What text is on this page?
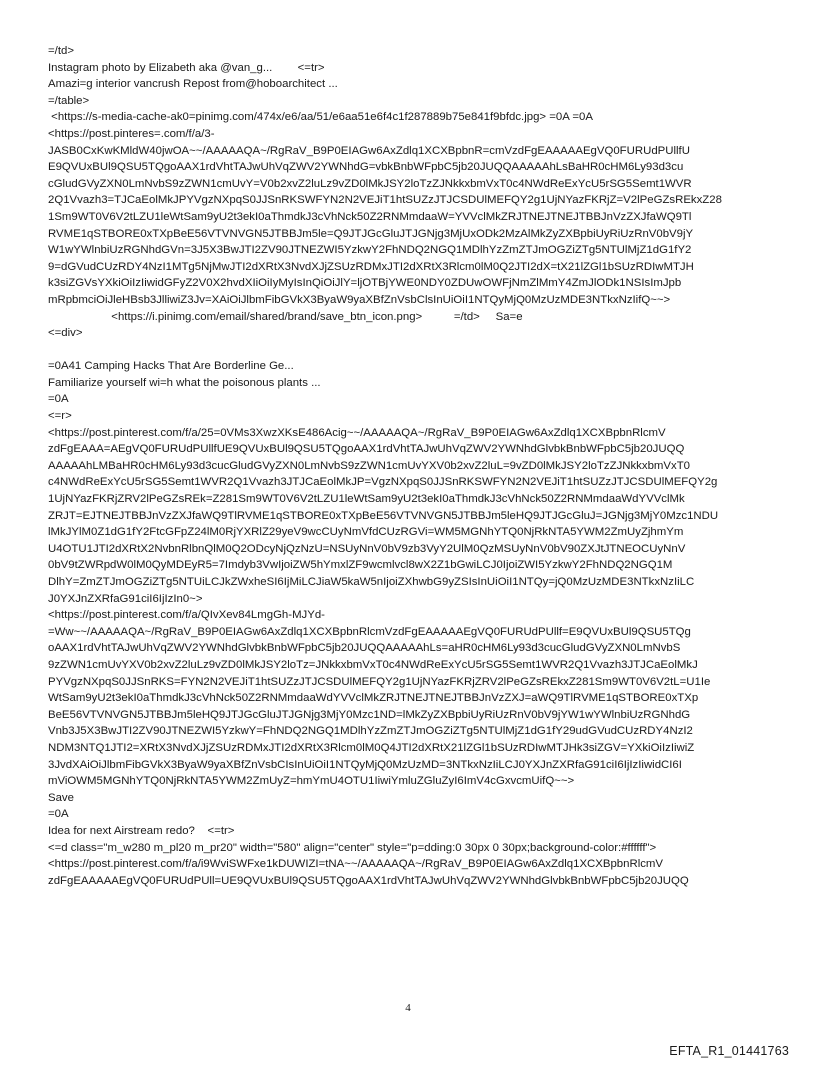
=/td>
Instagram photo by Elizabeth aka @van_g...        <=tr>
Amazi=g interior vancrush Repost from@hoboarchitect ...
=/table>
<https://s-media-cache-ak0=pinimg.com/474x/e6/aa/51/e6aa51e6f4c1f287889b75e841f9bfdc.jpg> =0A =0A
<https://post.pinteres=.com/f/a/3-
JASB0CxKwKMldW40jwOA~~/AAAAAQA~/RgRaV_B9P0EIAGw6AxZdlq1XCXBpbnR=cmVzdFgEAAAAAEgVQ0FURUdPUllfU
E9QVUxBUl9QSU5TQgoAAX1rdVhtTAJwUhVqZWV2YWNhdG=vbkBnbWFpbC5jb20JUQQAAAAAhLsBaHR0cHM6Ly93d3cu
cGludGVyZXN0LmNvbS9zZWN1cmUvY=V0b2xvZ2luLz9vZD0lMkJSY2loTzZJNkkxbmVxT0c4NWdReExYcU5rSG5Semt1WVR
2Q1Vvazh3=TJCaEolMkJPYVgzNXpqS0JJSnRKSWFYN2N2VEJiT1htSUZzJTJCSDUlMEFQY2g1UjNYazFKRjZ=V2lPeGZsREkxZ28
1Sm9WT0V6V2tLZU1leWtSam9yU2t3ekI0aThmdkJ3cVhNck50Z2RNMmdaaW=YVVclMkZRJTNEJTNEJTBBJnVzZXJfaWQ9Tl
RVME1qSTBORE0xTXpBeE56VTVNVGN5JTBBJm5le=Q9JTJGcGluJTJGNjg3MjUxODk2MzAlMkZyZXBpbiUyRiUzRnV0bV9jY
W1wYWlnbiUzRGNhdGVn=3J5X3BwJTI2ZV90JTNEZWI5YzkwY2FhNDQ2NGQ1MDlhYzZmZTJmOGZiZTg5NTUlMjZ1dG1fY2
9=dGVudCUzRDY4NzI1MTg5NjMwJTI2dXRtX3NvdXJjZSUzRDMxJTI2dXRtX3Rlcm0lM0Q2JTI2dX=tX21lZGl1bSUzRDIwMTJH
k3siZGVsYXkiOiIzIiwidGFyZ2V0X2hvdXIiOiIyMyIsInQiOiJlY=ljOTBjYWE0NDY0ZDUwOWFjNmZlMmY4ZmJlODk1NSIsImJpb
mRpbmciOiJleHBsb3JlliwiZ3Jv=XAiOiJlbmFibGVkX3ByaW9yaXBfZnVsbClsInUiOiI1NTQyMjQ0MzUzMDE3NTkxNzIifQ~~>
<https://i.pinimg.com/email/shared/brand/save_btn_icon.png>          =/td>     Sa=e
<=div>

=0A41 Camping Hacks That Are Borderline Ge...
Familiarize yourself wi=h what the poisonous plants ...
=0A
<=r>
<https://post.pinterest.com/f/a/25=0VMs3XwzXKsE486Acig~~/AAAAAQA~/RgRaV_B9P0EIAGw6AxZdlq1XCXBpbnRlcmV
zdFgEAAA=AEgVQ0FURUdPUllfUE9QVUxBUl9QSU5TQgoAAX1rdVhtTAJwUhVqZWV2YWNhdGlvbkBnbWFpbC5jb20JUQQ
AAAAAhLMBaHR0cHM6Ly93d3cucGludGVyZXN0LmNvbS9zZWN1cmUvYXV0b2xvZ2luL=9vZD0lMkJSY2loTzZJNkkxbmVxT0
c4NWdReExYcU5rSG5Semt1WVR2Q1Vvazh3JTJCaEolMkJP=VgzNXpqS0JJSnRKSWFYN2N2VEJiT1htSUZzJTJCSDUlMEFQY2g
1UjNYazFKRjZRV2lPeGZsREk=Z281Sm9WT0V6V2tLZU1leWtSam9yU2t3ekI0aThmdkJ3cVhNck50Z2RNMmdaaWdYVVclMk
ZRJT=EJTNEJTBBJnVzZXJfaWQ9TlRVME1qSTBORE0xTXpBeE56VTVNVGN5JTBBJm5leHQ9JTJGcGluJ=JGNjg3MjY0Mzc1NDU
lMkJYlM0Z1dG1fY2FtcGFpZ24lM0RjYXRlZ29yeV9wcCUyNmVfdCUzRGVi=WM5MGNhYTQ0NjRkNTA5YWM2ZmUyZjhmYm
U4OTU1JTI2dXRtX2NvbnRlbnQlM0Q2ODcyNjQzNzU=NSUyNnV0bV9zb3VyY2UlM0QzMSUyNnV0bV90ZXJtJTNEOCUyNnV
0bV9tZWRpdW0lM0QyMDEyR5=7Imdyb3VwIjoiZW5hYmxlZF9wcmlvcl8wX2Z1bGwiLCJ0IjoiZWI5YzkwY2FhNDQ2NGQ1M
DlhY=ZmZTJmOGZiZTg5NTUiLCJkZWxheSI6IjMiLCJiaW5kaW5nIjoiZXhwbG9yZSIsInUiOiI1NTQy=jQ0MzUzMDE3NTkxNzIiLC
J0YXJnZXRfaG91ciI6IjIzIn0~>
<https://post.pinterest.com/f/a/QIvXev84LmgGh-MJYd-
=Ww~~/AAAAAQA~/RgRaV_B9P0EIAGw6AxZdlq1XCXBpbnRlcmVzdFgEAAAAAEgVQ0FURUdPUllf=E9QVUxBUl9QSU5TQg
oAAX1rdVhtTAJwUhVqZWV2YWNhdGlvbkBnbWFpbC5jb20JUQQAAAAAhLs=aHR0cHM6Ly93d3cucGludGVyZXN0LmNvbS
9zZWN1cmUvYXV0b2xvZ2luLz9vZD0lMkJSY2loTz=JNkkxbmVxT0c4NWdReExYcU5rSG5Semt1WVR2Q1Vvazh3JTJCaEolMkJ
PYVgzNXpqS0JJSnRKS=FYN2N2VEJiT1htSUZzJTJCSDUlMEFQY2g1UjNYazFKRjZRV2lPeGZsREkxZ281Sm9WT0V6V2tL=U1Ie
WtSam9yU2t3ekI0aThmdkJ3cVhNck50Z2RNMmdaaWdYVVclMkZRJTNEJTNEJTBBJnVzZXJ=aWQ9TlRVME1qSTBORE0xTXp
BeE56VTVNVGN5JTBBJm5leHQ9JTJGcGluJTJGNjg3MjY0Mzc1ND=lMkZyZXBpbiUyRiUzRnV0bV9jYW1wYWlnbiUzRGNhdG
Vnb3J5X3BwJTI2ZV90JTNEZWI5YzkwY=FhNDQ2NGQ1MDlhYzZmZTJmOGZiZTg5NTUlMjZ1dG1fY29udGVudCUzRDY4NzI2
NDM3NTQ1JTI2=XRtX3NvdXJjZSUzRDMxJTI2dXRtX3Rlcm0lM0Q4JTI2dXRtX21lZGl1bSUzRDIwMTJHk3siZGV=YXkiOiIzIiwiZ
3JvdXAiOiJlbmFibGVkX3ByaW9yaXBfZnVsbCIsInUiOiI1NTQyMjQ0MzUzMD=3NTkxNzIiLCJ0YXJnZXRfaG91ciI6IjIzIiwidCI6I
mViOWM5MGNhYTQ0NjRkNTA5YWM2ZmUyZ=hmYmU4OTU1IiwiYmluZGluZyI6ImV4cGxvcmUifQ~~>
Save
=0A
Idea for next Airstream redo?    <=tr>
<=d class="m_w280 m_pl20 m_pr20" width="580" align="center" style="p=dding:0 30px 0 30px;background-color:#ffffff">
<https://post.pinterest.com/f/a/i9WviSWFxe1kDUWIZI=tNA~~/AAAAAQA~/RgRaV_B9P0EIAGw6AxZdlq1XCXBpbnRlcmV
zdFgEAAAAAEgVQ0FURUdPUll=UE9QVUxBUl9QSU5TQgoAAX1rdVhtTAJwUhVqZWV2YWNhdGlvbkBnbWFpbC5jb20JUQQ
4
EFTA_R1_01441763
